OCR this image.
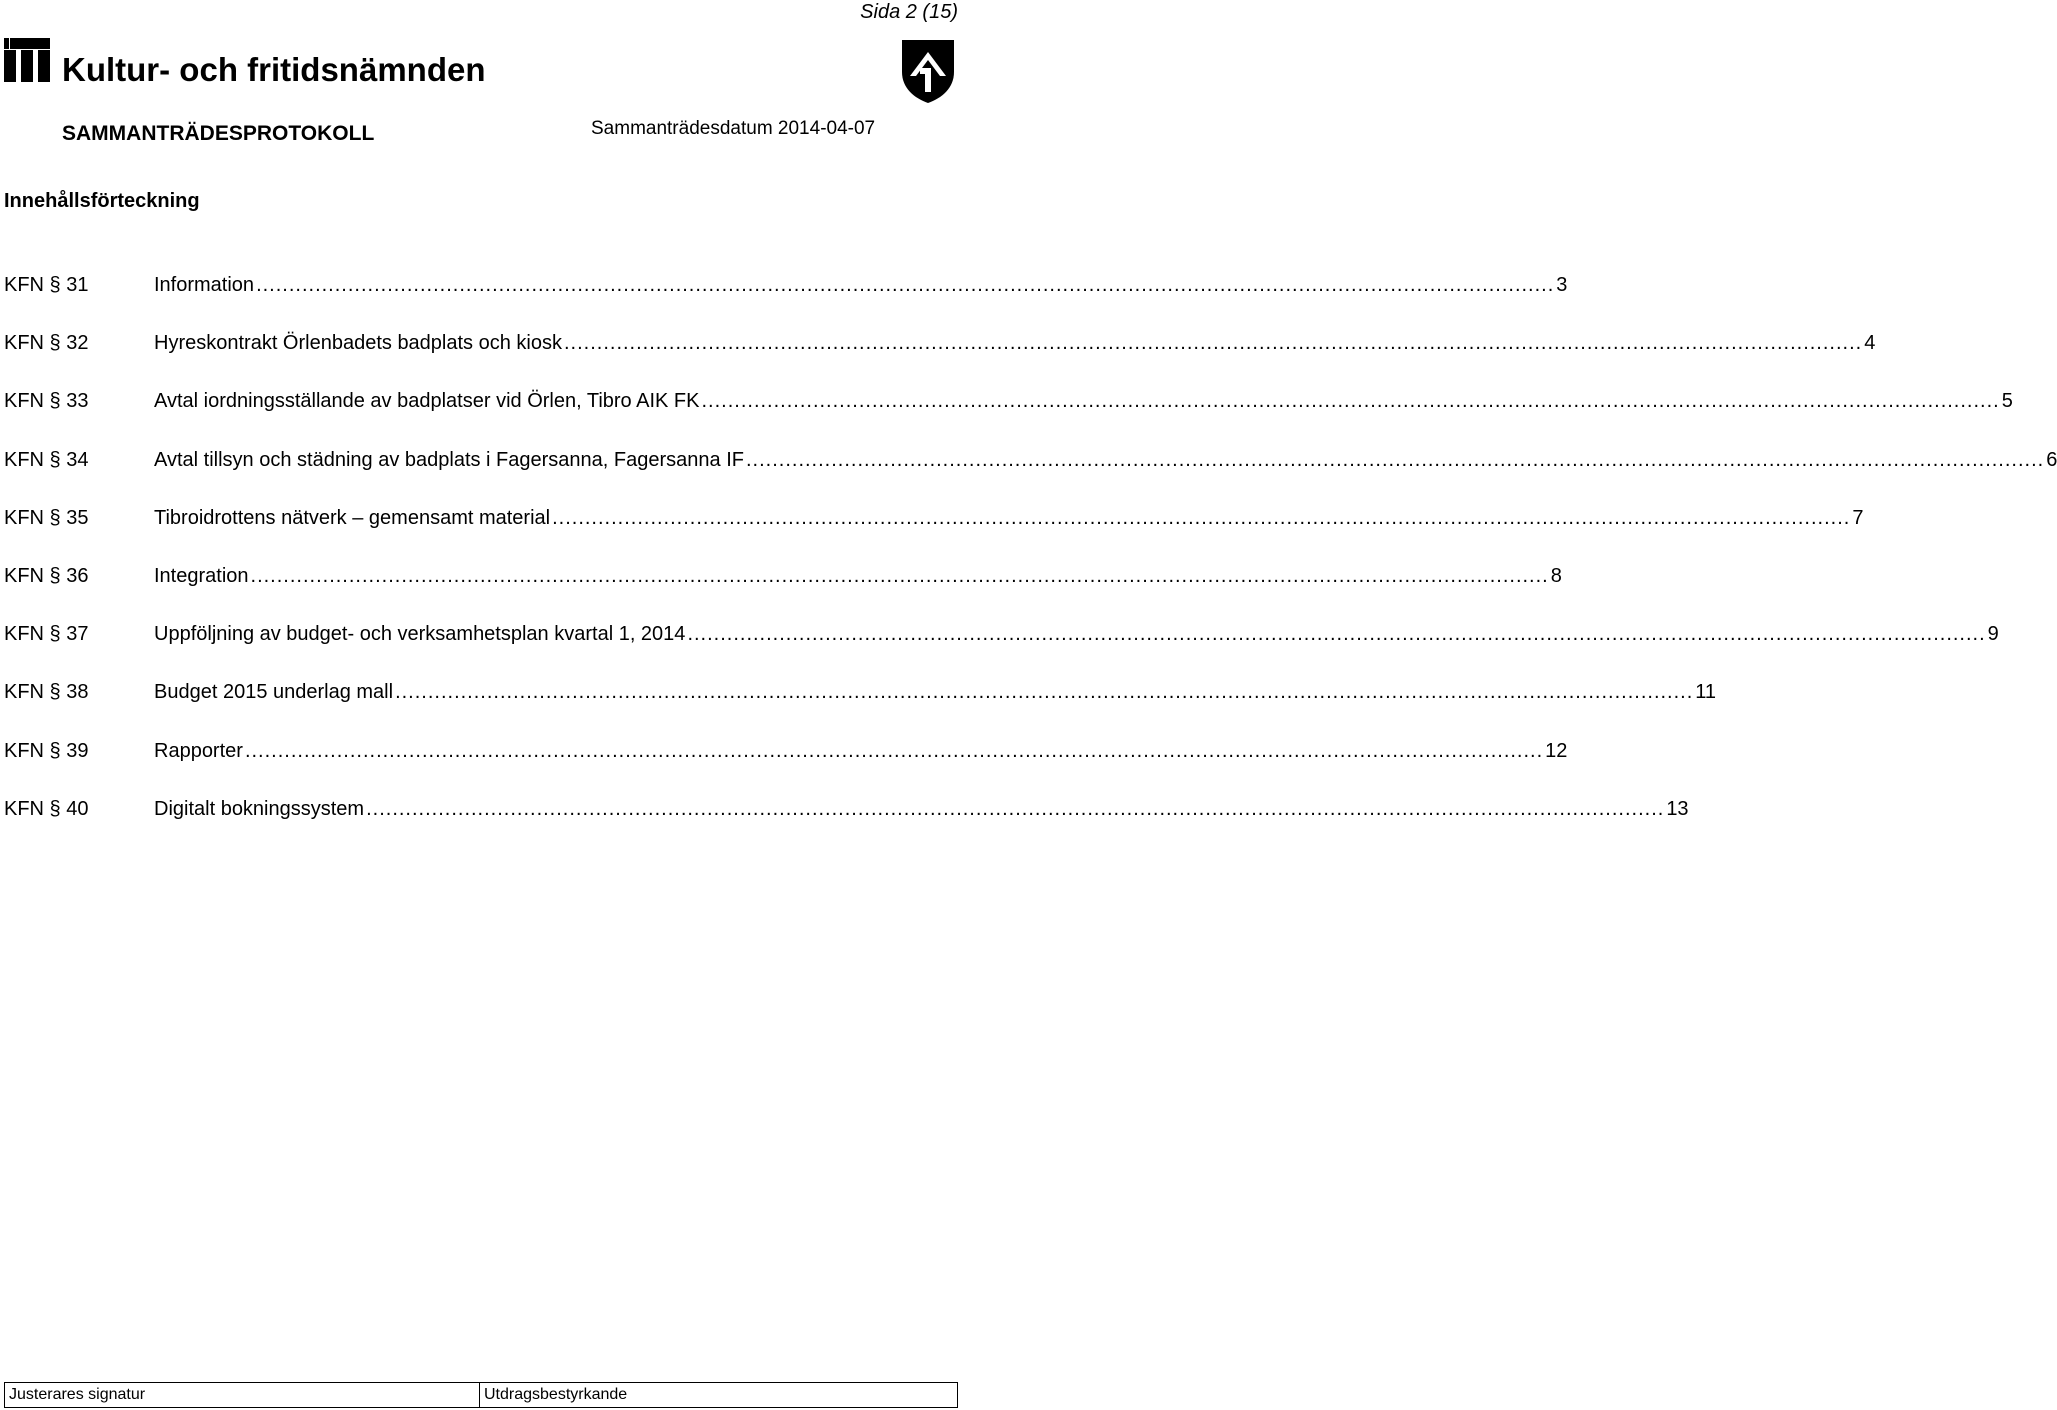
Sida 2 (15)
Kultur- och fritidsnämnden
SAMMANTRÄDESPROTOKOLL	Sammanträdesdatum 2014-04-07
Innehållsförteckning
KFN § 31	Information ...................................................................................................................................................................................................... 3
KFN § 32	Hyreskontrakt Örlenbadets badplats och kiosk ...................................................................................................................................................................................................... 4
KFN § 33	Avtal iordningsställande av badplatser vid Örlen, Tibro AIK FK ...................................................................................................................................................................................................... 5
KFN § 34	Avtal tillsyn och städning av badplats i Fagersanna, Fagersanna IF ...................................................................................................................................................................................................... 6
KFN § 35	Tibroidrottens nätverk – gemensamt material ...................................................................................................................................................................................................... 7
KFN § 36	Integration ...................................................................................................................................................................................................... 8
KFN § 37	Uppföljning av budget- och verksamhetsplan kvartal 1, 2014 ...................................................................................................................................................................................................... 9
KFN § 38	Budget 2015 underlag mall ...................................................................................................................................................................................................... 11
KFN § 39	Rapporter ...................................................................................................................................................................................................... 12
KFN § 40	Digitalt bokningssystem ...................................................................................................................................................................................................... 13
Justerares signatur	Utdragsbestyrkande
